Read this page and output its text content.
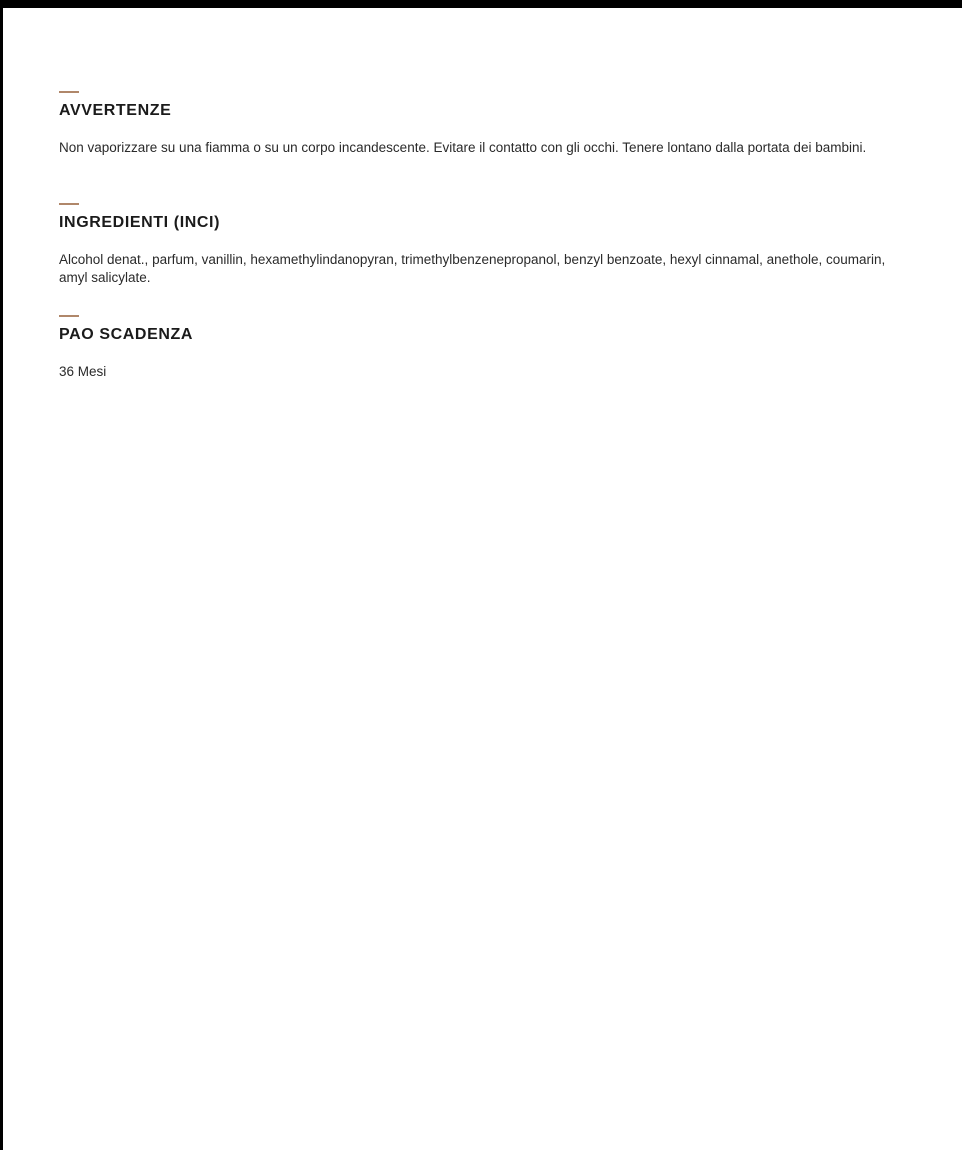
AVVERTENZE

Non vaporizzare su una fiamma o su un corpo incandescente. Evitare il contatto con gli occhi. Tenere lontano dalla portata dei bambini.

INGREDIENTI (INCI)

Alcohol denat., parfum, vanillin, hexamethylindanopyran, trimethylbenzenepropanol, benzyl benzoate, hexyl cinnamal, anethole, coumarin, amyl salicylate.

PAO SCADENZA

36 Mesi
